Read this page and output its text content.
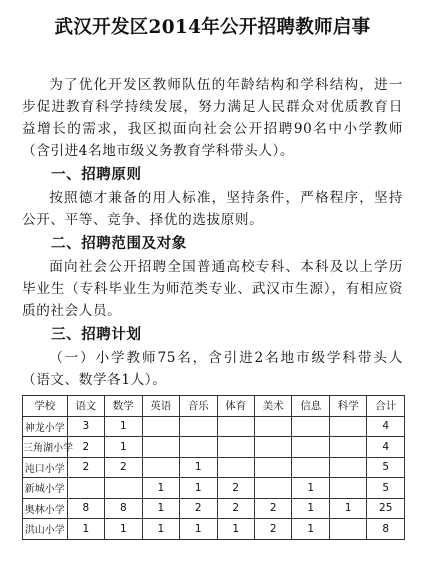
武汉开发区2014年公开招聘教师启事

为了优化开发区教师队伍的年龄结构和学科结构，进一步促进教育科学持续发展，努力满足人民群众对优质教育日益增长的需求，我区拟面向社会公开招聘90名中小学教师（含引进4名地市级义务教育学科带头人）。

一、招聘原则

按照德才兼备的用人标准，坚持条件，严格程序，坚持公开、平等、竞争、择优的选拔原则。

二、招聘范围及对象

面向社会公开招聘全国普通高校专科、本科及以上学历毕业生（专科毕业生为师范类专业、武汉市生源），有相应资质的社会人员。

三、招聘计划

（一）小学教师75名，含引进2名地市级学科带头人（语文、数学各1人）。

学校	语文	数学	英语	音乐	体育	美术	信息	科学	合计
神龙小学	3	1							4
三角湖小学	2	1							4
沌口小学	2	2		1					5
新城小学			1	1	2		1		5
奥林小学	8	8	1	2	2	2	1	1	25
洪山小学	1	1	1	1	1	2	1		8
